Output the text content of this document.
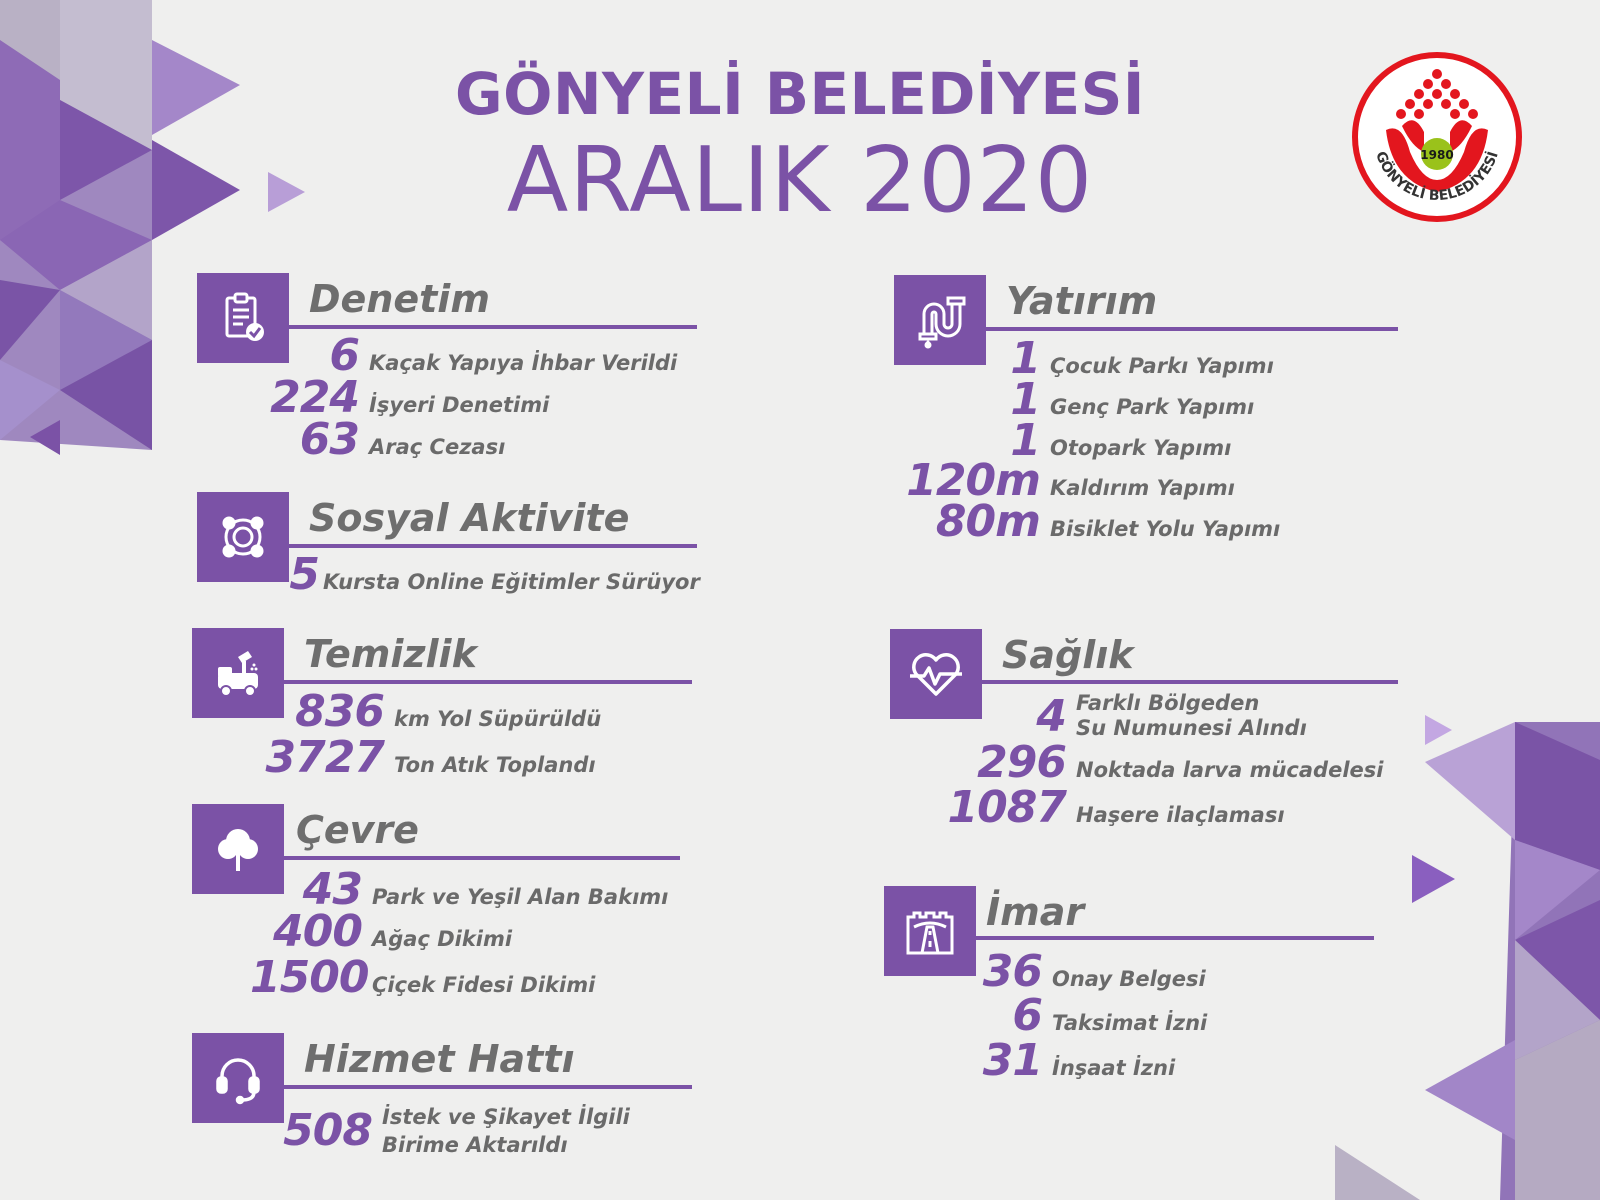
GÖNYELİ BELEDİYESİ
ARALIK 2020	1980
GÖNYELİ BELEDİYESİ
Denetim
6 Kaçak Yapıya İhbar Verildi
224 İşyeri Denetimi
63 Araç Cezası
Sosyal Aktivite
5 Kursta Online Eğitimler Sürüyor
Temizlik
836 km Yol Süpürüldü
3727 Ton Atık Toplandı
Çevre
43 Park ve Yeşil Alan Bakımı
400 Ağaç Dikimi
1500 Çiçek Fidesi Dikimi
Hizmet Hattı
508 İstek ve Şikayet İlgili
Birime Aktarıldı
Yatırım
1 Çocuk Parkı Yapımı
1 Genç Park Yapımı
1 Otopark Yapımı
120m Kaldırım Yapımı
80m Bisiklet Yolu Yapımı
Sağlık
4 Farklı Bölgeden
Su Numunesi Alındı
296 Noktada larva mücadelesi
1087 Haşere ilaçlaması
İmar
36 Onay Belgesi
6 Taksimat İzni
31 İnşaat İzni
